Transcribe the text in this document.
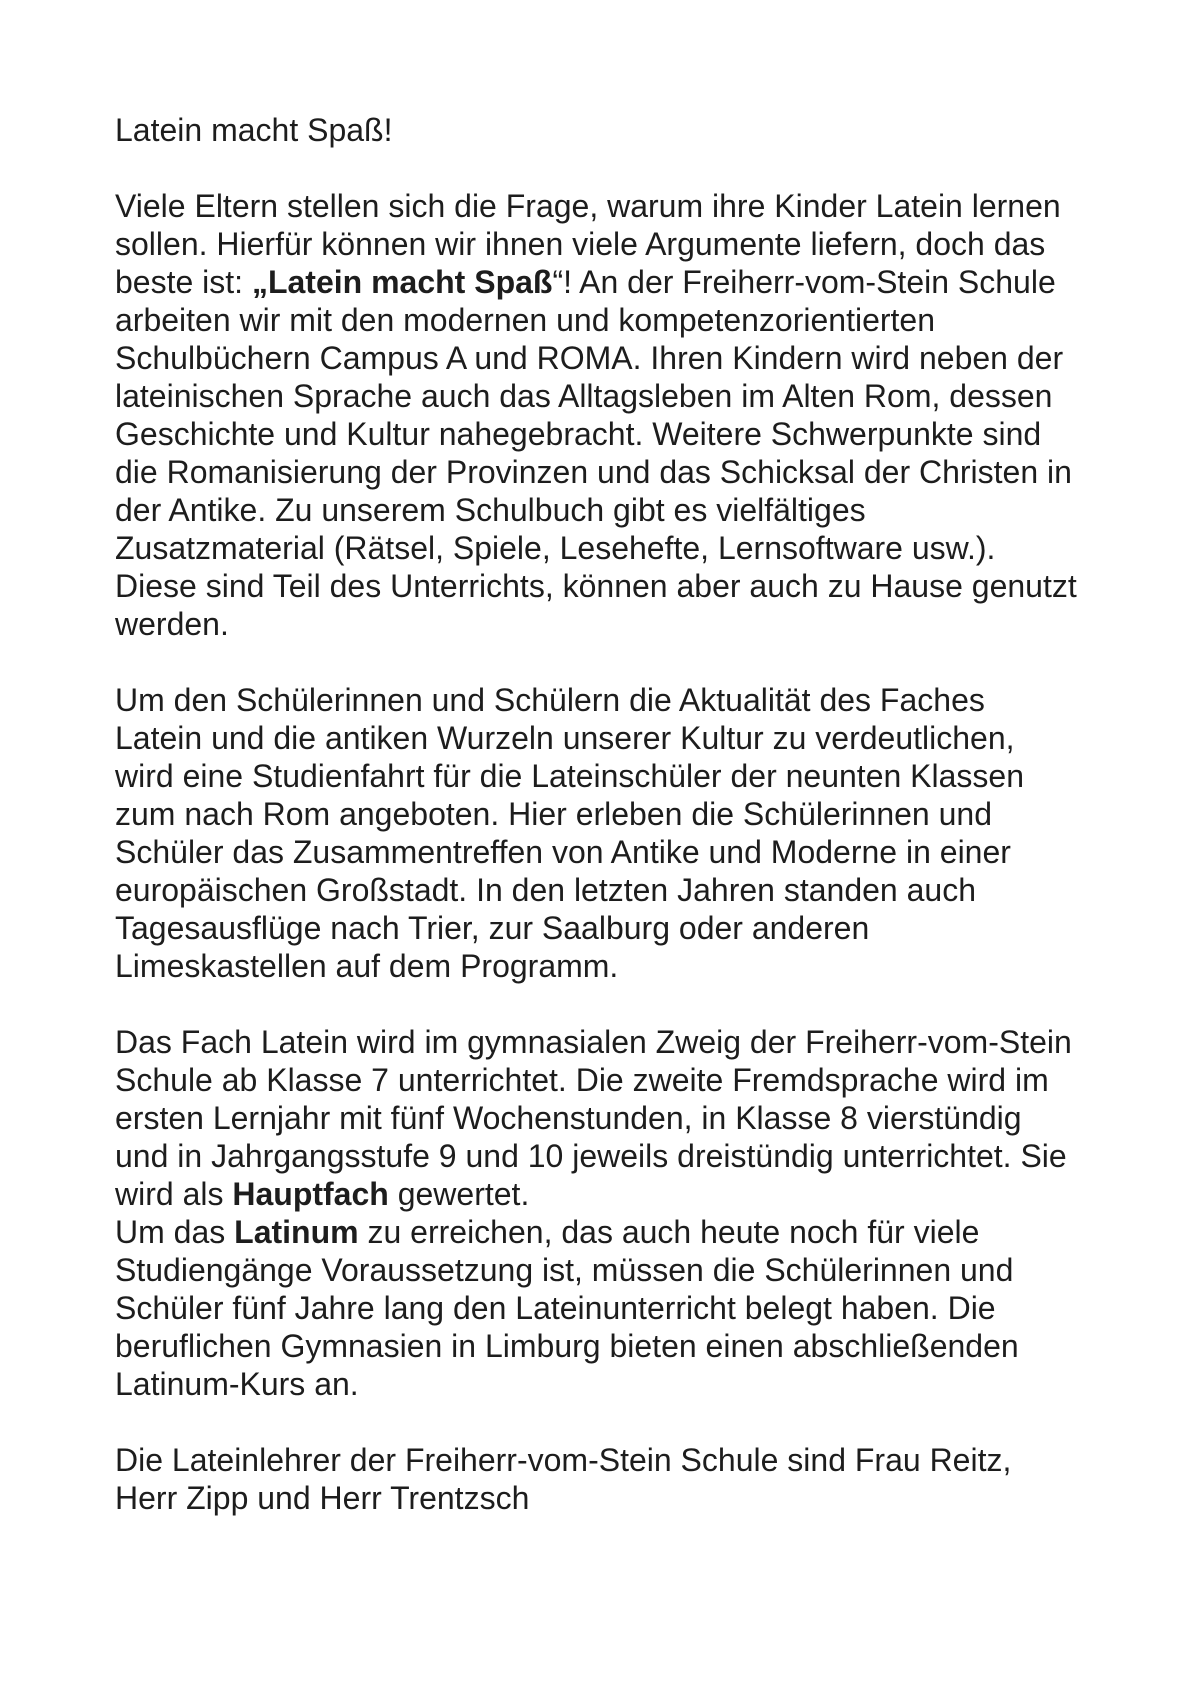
Latein macht Spaß!
Viele Eltern stellen sich die Frage, warum ihre Kinder Latein lernen
sollen. Hierfür können wir ihnen viele Argumente liefern, doch das
beste ist: „Latein macht Spaß“! An der Freiherr-vom-Stein Schule
arbeiten wir mit den modernen und kompetenzorientierten
Schulbüchern Campus A und ROMA. Ihren Kindern wird neben der
lateinischen Sprache auch das Alltagsleben im Alten Rom, dessen
Geschichte und Kultur nahegebracht. Weitere Schwerpunkte sind
die Romanisierung der Provinzen und das Schicksal der Christen in
der Antike. Zu unserem Schulbuch gibt es vielfältiges
Zusatzmaterial (Rätsel, Spiele, Lesehefte, Lernsoftware usw.).
Diese sind Teil des Unterrichts, können aber auch zu Hause genutzt
werden.
Um den Schülerinnen und Schülern die Aktualität des Faches
Latein und die antiken Wurzeln unserer Kultur zu verdeutlichen,
wird eine Studienfahrt für die Lateinschüler der neunten Klassen
zum nach Rom angeboten. Hier erleben die Schülerinnen und
Schüler das Zusammentreffen von Antike und Moderne in einer
europäischen Großstadt. In den letzten Jahren standen auch
Tagesausflüge nach Trier, zur Saalburg oder anderen
Limeskastellen auf dem Programm.
Das Fach Latein wird im gymnasialen Zweig der Freiherr-vom-Stein
Schule ab Klasse 7 unterrichtet. Die zweite Fremdsprache wird im
ersten Lernjahr mit fünf Wochenstunden, in Klasse 8 vierstündig
und in Jahrgangsstufe 9 und 10 jeweils dreistündig unterrichtet. Sie
wird als Hauptfach gewertet.
Um das Latinum zu erreichen, das auch heute noch für viele
Studiengänge Voraussetzung ist, müssen die Schülerinnen und
Schüler fünf Jahre lang den Lateinunterricht belegt haben. Die
beruflichen Gymnasien in Limburg bieten einen abschließenden
Latinum-Kurs an.
Die Lateinlehrer der Freiherr-vom-Stein Schule sind Frau Reitz,
Herr Zipp und Herr Trentzsch
